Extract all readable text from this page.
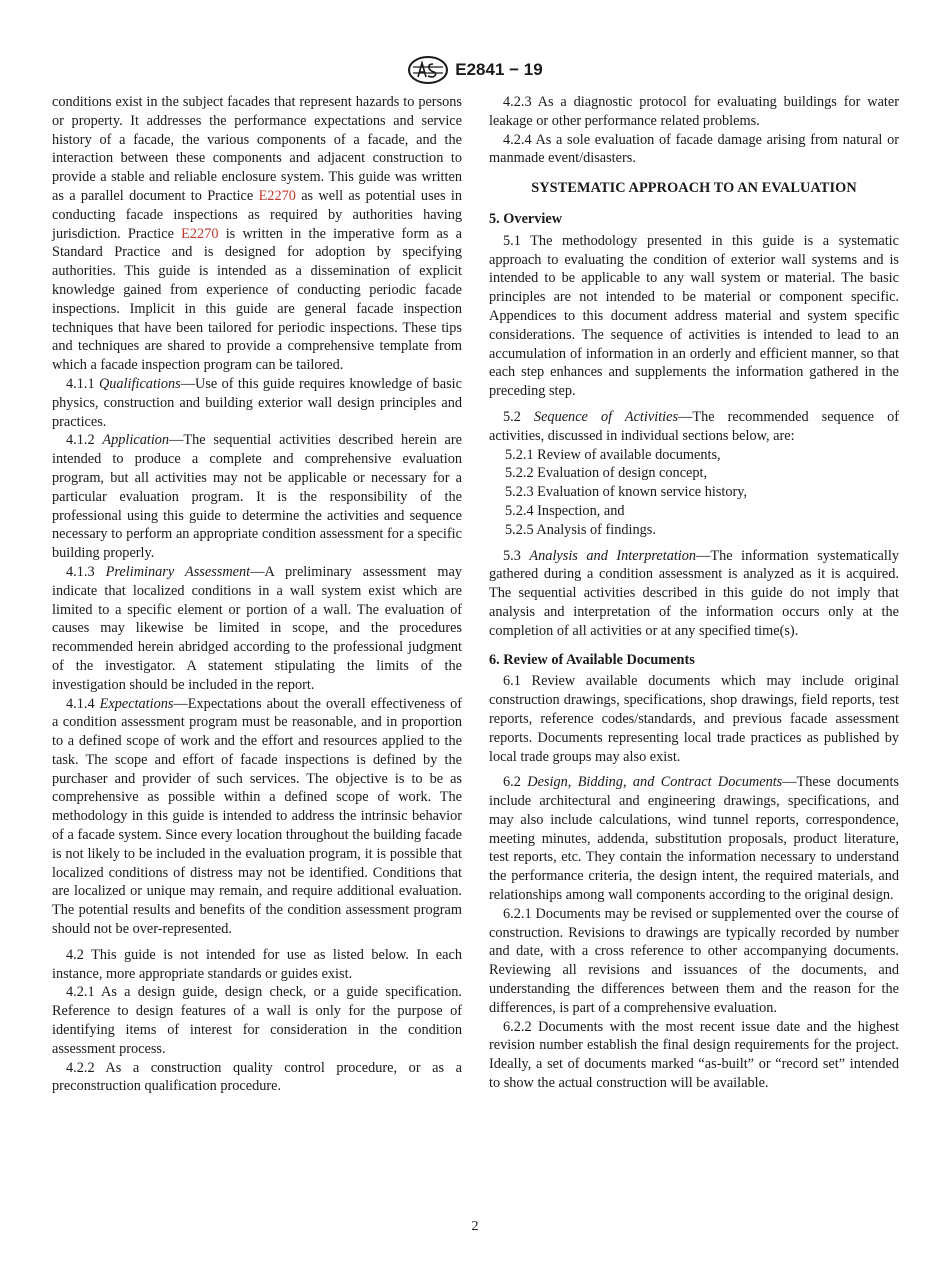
E2841 − 19

conditions exist in the subject facades that represent hazards to persons or property. It addresses the performance expectations and service history of a facade, the various components of a facade, and the interaction between these components and adjacent construction to provide a stable and reliable enclosure system. This guide was written as a parallel document to Practice E2270 as well as potential uses in conducting facade inspections as required by authorities having jurisdiction. Practice E2270 is written in the imperative form as a Standard Practice and is designed for adoption by specifying authorities. This guide is intended as a dissemination of explicit knowledge gained from experience of conducting periodic facade inspections. Implicit in this guide are general facade inspection techniques that have been tailored for periodic inspections. These tips and techniques are shared to provide a comprehensive template from which a facade inspection program can be tailored.

4.1.1 Qualifications—Use of this guide requires knowledge of basic physics, construction and building exterior wall design principles and practices.

4.1.2 Application—The sequential activities described herein are intended to produce a complete and comprehensive evaluation program, but all activities may not be applicable or necessary for a particular evaluation program. It is the responsibility of the professional using this guide to determine the activities and sequence necessary to perform an appropriate condition assessment for a specific building properly.

4.1.3 Preliminary Assessment—A preliminary assessment may indicate that localized conditions in a wall system exist which are limited to a specific element or portion of a wall. The evaluation of causes may likewise be limited in scope, and the procedures recommended herein abridged according to the professional judgment of the investigator. A statement stipulating the limits of the investigation should be included in the report.

4.1.4 Expectations—Expectations about the overall effectiveness of a condition assessment program must be reasonable, and in proportion to a defined scope of work and the effort and resources applied to the task. The scope and effort of facade inspections is defined by the purchaser and provider of such services. The objective is to be as comprehensive as possible within a defined scope of work. The methodology in this guide is intended to address the intrinsic behavior of a facade system. Since every location throughout the building facade is not likely to be included in the evaluation program, it is possible that localized conditions of distress may not be identified. Conditions that are localized or unique may remain, and require additional evaluation. The potential results and benefits of the condition assessment program should not be over-represented.

4.2 This guide is not intended for use as listed below. In each instance, more appropriate standards or guides exist.

4.2.1 As a design guide, design check, or a guide specification. Reference to design features of a wall is only for the purpose of identifying items of interest for consideration in the condition assessment process.

4.2.2 As a construction quality control procedure, or as a preconstruction qualification procedure.

4.2.3 As a diagnostic protocol for evaluating buildings for water leakage or other performance related problems.

4.2.4 As a sole evaluation of facade damage arising from natural or manmade event/disasters.

SYSTEMATIC APPROACH TO AN EVALUATION

5. Overview

5.1 The methodology presented in this guide is a systematic approach to evaluating the condition of exterior wall systems and is intended to be applicable to any wall system or material. The basic principles are not intended to be material or component specific. Appendices to this document address material and system specific considerations. The sequence of activities is intended to lead to an accumulation of information in an orderly and efficient manner, so that each step enhances and supplements the information gathered in the preceding step.

5.2 Sequence of Activities—The recommended sequence of activities, discussed in individual sections below, are:

5.2.1 Review of available documents,

5.2.2 Evaluation of design concept,

5.2.3 Evaluation of known service history,

5.2.4 Inspection, and

5.2.5 Analysis of findings.

5.3 Analysis and Interpretation—The information systematically gathered during a condition assessment is analyzed as it is acquired. The sequential activities described in this guide do not imply that analysis and interpretation of the information occurs only at the completion of all activities or at any specified time(s).

6. Review of Available Documents

6.1 Review available documents which may include original construction drawings, specifications, shop drawings, field reports, test reports, reference codes/standards, and previous facade assessment reports. Documents representing local trade practices as published by local trade groups may also exist.

6.2 Design, Bidding, and Contract Documents—These documents include architectural and engineering drawings, specifications, and may also include calculations, wind tunnel reports, correspondence, meeting minutes, addenda, substitution proposals, product literature, test reports, etc. They contain the information necessary to understand the performance criteria, the design intent, the required materials, and relationships among wall components according to the original design.

6.2.1 Documents may be revised or supplemented over the course of construction. Revisions to drawings are typically recorded by number and date, with a cross reference to other accompanying documents. Reviewing all revisions and issuances of the documents, and understanding the differences between them and the reason for the differences, is part of a comprehensive evaluation.

6.2.2 Documents with the most recent issue date and the highest revision number establish the final design requirements for the project. Ideally, a set of documents marked “as-built” or “record set” intended to show the actual construction will be available.

2
